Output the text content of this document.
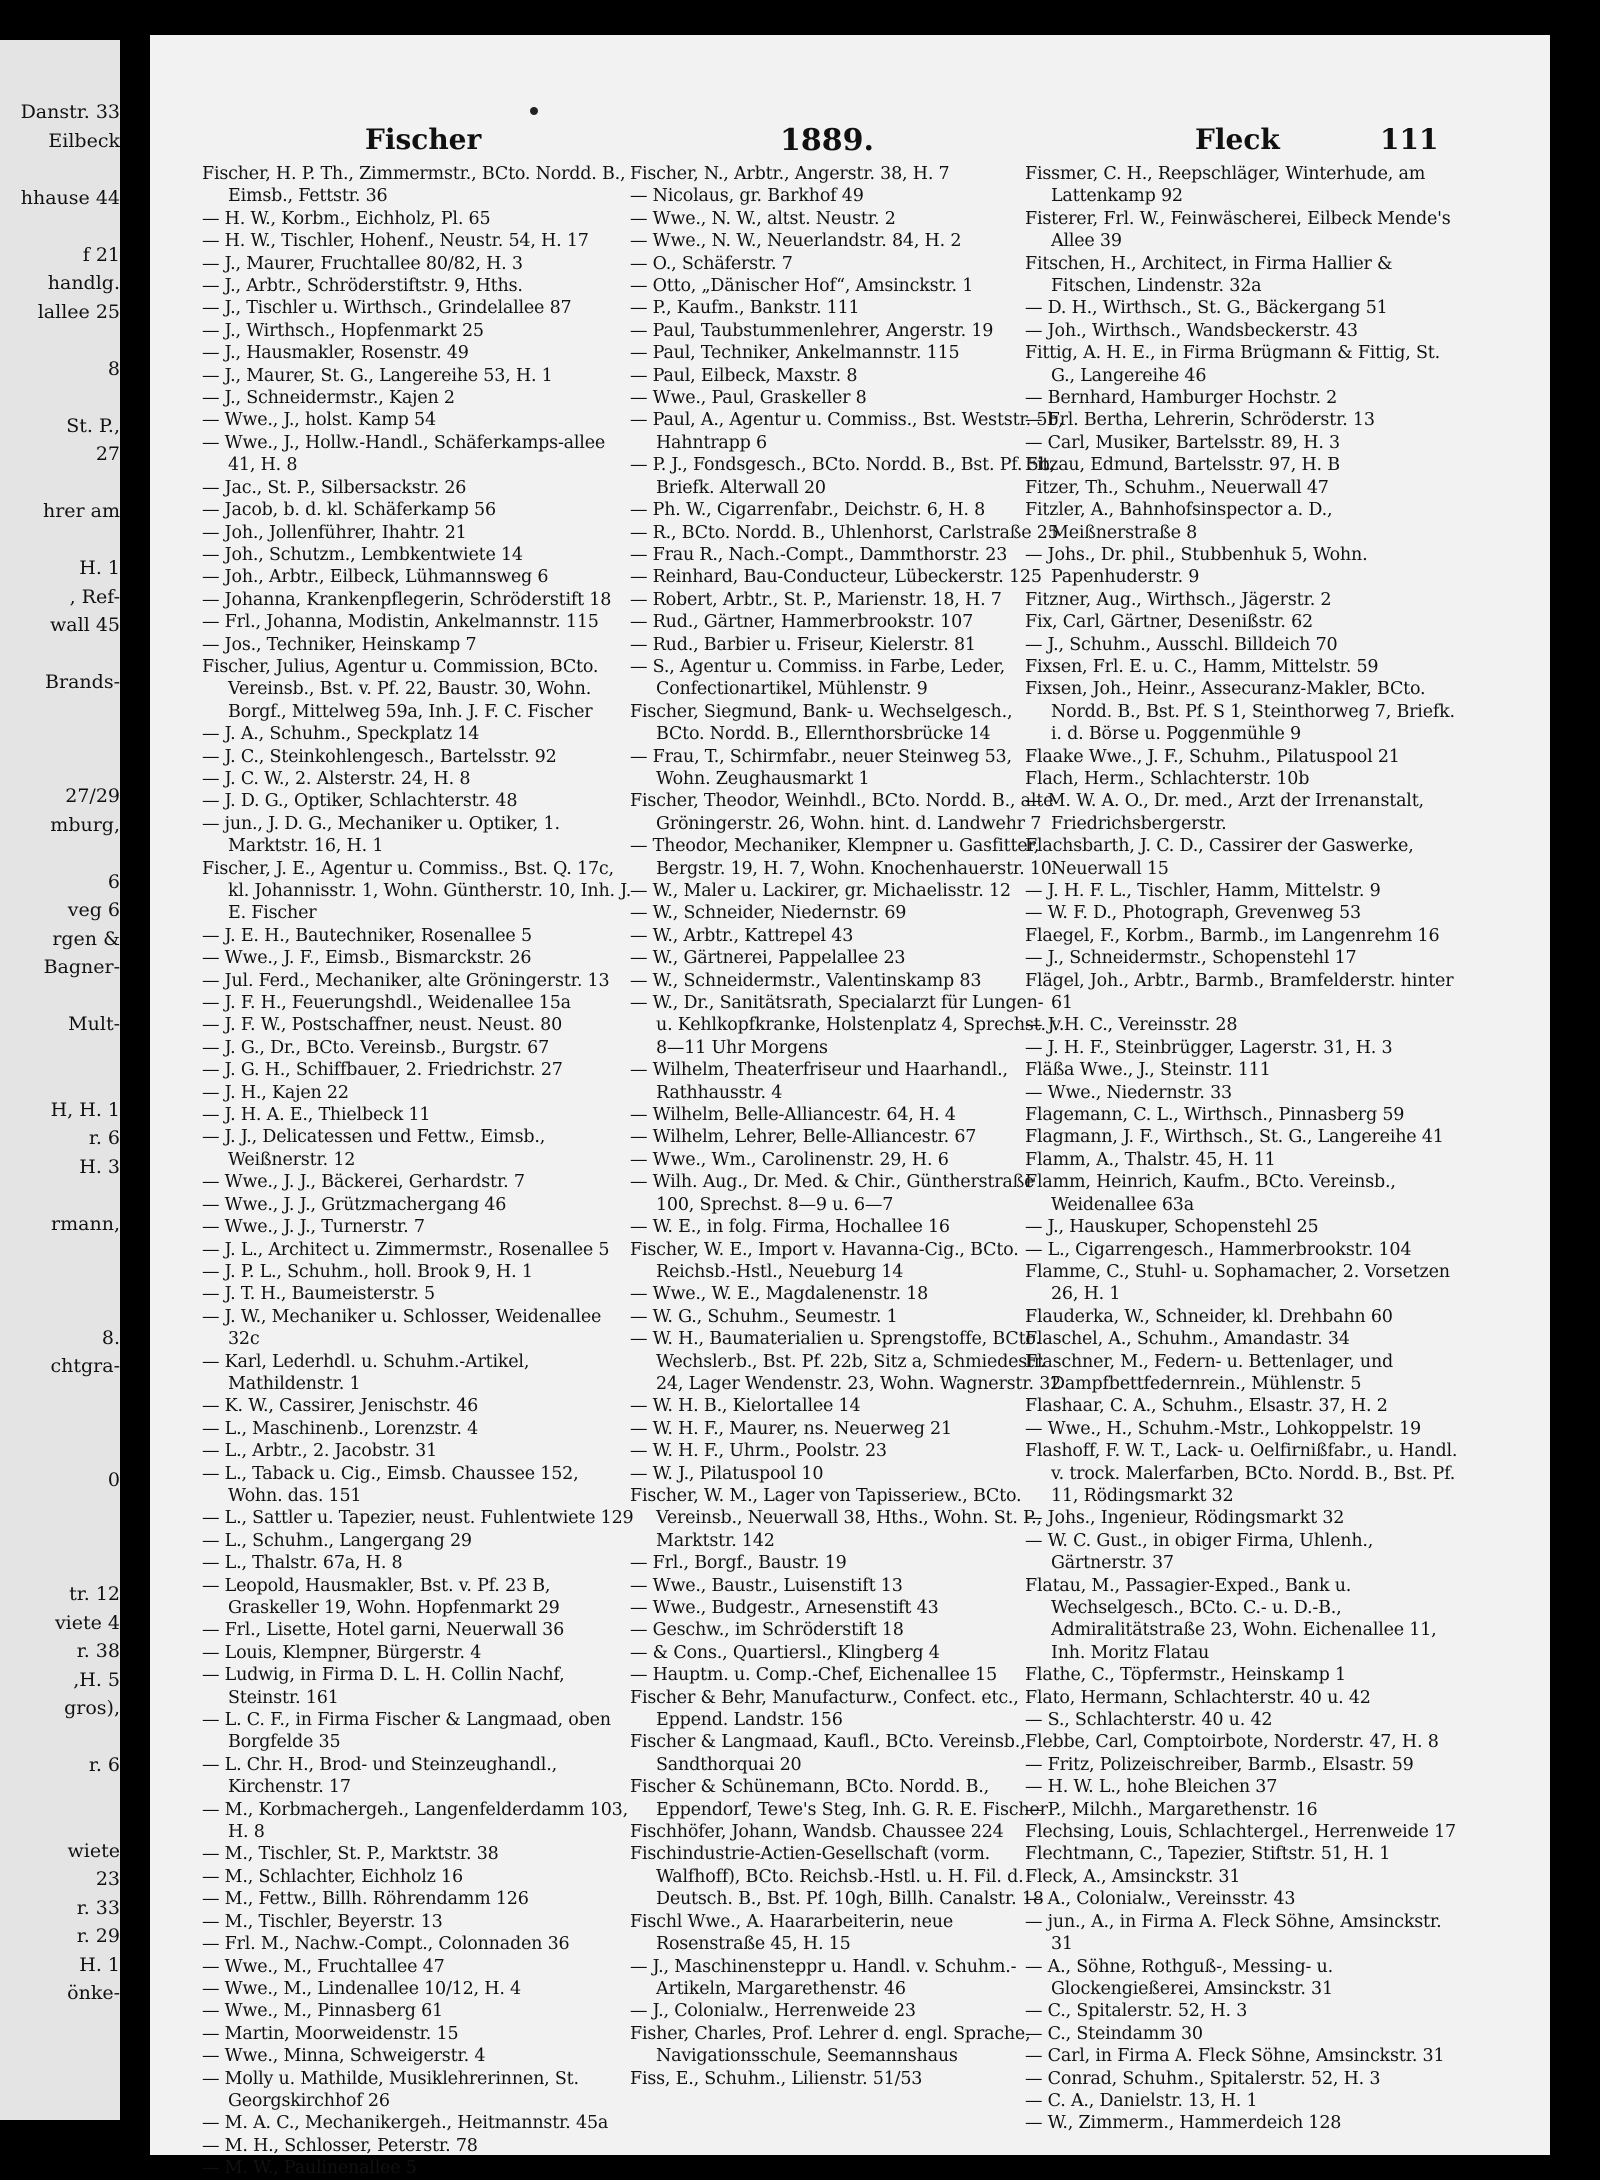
Danstr. 33
Eilbeck
hhause 44
f 21
handlg.
lallee 25
8
St. P.,
27
hrer am
H. 1
, Ref-
wall 45
Brands-
27/29
mburg,
6
veg 6
rgen &
Bagner-
Mult-
H, H. 1
r. 6
H. 3
rmann,
8.
chtgra-
0
tr. 12
viete 4
r. 38
,H. 5
gros),
r. 6
wiete
23
r. 33
r. 29
H. 1
önke-
Fischer	1889.	Fleck	111

Fischer, H. P. Th., Zimmermstr., BCto. Nordd. B., Eimsb., Fettstr. 36

— H. W., Korbm., Eichholz, Pl. 65

— H. W., Tischler, Hohenf., Neustr. 54, H. 17

— J., Maurer, Fruchtallee 80/82, H. 3

— J., Arbtr., Schröderstiftstr. 9, Hths.

— J., Tischler u. Wirthsch., Grindelallee 87

— J., Wirthsch., Hopfenmarkt 25

— J., Hausmakler, Rosenstr. 49

— J., Maurer, St. G., Langereihe 53, H. 1

— J., Schneidermstr., Kajen 2

— Wwe., J., holst. Kamp 54

— Wwe., J., Hollw.-Handl., Schäferkamps-allee 41, H. 8

— Jac., St. P., Silbersackstr. 26

— Jacob, b. d. kl. Schäferkamp 56

— Joh., Jollenführer, Ihahtr. 21

— Joh., Schutzm., Lembkentwiete 14

— Joh., Arbtr., Eilbeck, Lühmannsweg 6

— Johanna, Krankenpflegerin, Schröderstift 18

— Frl., Johanna, Modistin, Ankelmannstr. 115

— Jos., Techniker, Heinskamp 7

Fischer, Julius, Agentur u. Commission, BCto. Vereinsb., Bst. v. Pf. 22, Baustr. 30, Wohn. Borgf., Mittelweg 59a, Inh. J. F. C. Fischer

— J. A., Schuhm., Speckplatz 14

— J. C., Steinkohlengesch., Bartelsstr. 92

— J. C. W., 2. Alsterstr. 24, H. 8

— J. D. G., Optiker, Schlachterstr. 48

— jun., J. D. G., Mechaniker u. Optiker, 1. Marktstr. 16, H. 1

Fischer, J. E., Agentur u. Commiss., Bst. Q. 17c, kl. Johannisstr. 1, Wohn. Güntherstr. 10, Inh. J. E. Fischer

— J. E. H., Bautechniker, Rosenallee 5

— Wwe., J. F., Eimsb., Bismarckstr. 26

— Jul. Ferd., Mechaniker, alte Gröningerstr. 13

— J. F. H., Feuerungshdl., Weidenallee 15a

— J. F. W., Postschaffner, neust. Neust. 80

— J. G., Dr., BCto. Vereinsb., Burgstr. 67

— J. G. H., Schiffbauer, 2. Friedrichstr. 27

— J. H., Kajen 22

— J. H. A. E., Thielbeck 11

— J. J., Delicatessen und Fettw., Eimsb., Weißnerstr. 12

— Wwe., J. J., Bäckerei, Gerhardstr. 7

— Wwe., J. J., Grützmachergang 46

— Wwe., J. J., Turnerstr. 7

— J. L., Architect u. Zimmermstr., Rosenallee 5

— J. P. L., Schuhm., holl. Brook 9, H. 1

— J. T. H., Baumeisterstr. 5

— J. W., Mechaniker u. Schlosser, Weidenallee 32c

— Karl, Lederhdl. u. Schuhm.-Artikel, Mathildenstr. 1

— K. W., Cassirer, Jenischstr. 46

— L., Maschinenb., Lorenzstr. 4

— L., Arbtr., 2. Jacobstr. 31

— L., Taback u. Cig., Eimsb. Chaussee 152, Wohn. das. 151

— L., Sattler u. Tapezier, neust. Fuhlentwiete 129

— L., Schuhm., Langergang 29

— L., Thalstr. 67a, H. 8

— Leopold, Hausmakler, Bst. v. Pf. 23 B, Graskeller 19, Wohn. Hopfenmarkt 29

— Frl., Lisette, Hotel garni, Neuerwall 36

— Louis, Klempner, Bürgerstr. 4

— Ludwig, in Firma D. L. H. Collin Nachf, Steinstr. 161

— L. C. F., in Firma Fischer & Langmaad, oben Borgfelde 35

— L. Chr. H., Brod- und Steinzeughandl., Kirchenstr. 17

— M., Korbmachergeh., Langenfelderdamm 103, H. 8

— M., Tischler, St. P., Marktstr. 38

— M., Schlachter, Eichholz 16

— M., Fettw., Billh. Röhrendamm 126

— M., Tischler, Beyerstr. 13

— Frl. M., Nachw.-Compt., Colonnaden 36

— Wwe., M., Fruchtallee 47

— Wwe., M., Lindenallee 10/12, H. 4

— Wwe., M., Pinnasberg 61

— Martin, Moorweidenstr. 15

— Wwe., Minna, Schweigerstr. 4

— Molly u. Mathilde, Musiklehrerinnen, St. Georgskirchhof 26

— M. A. C., Mechanikergeh., Heitmannstr. 45a

— M. H., Schlosser, Peterstr. 78

— M. W., Paulinenallee 5

Fischer, N., Arbtr., Angerstr. 38, H. 7

— Nicolaus, gr. Barkhof 49

— Wwe., N. W., altst. Neustr. 2

— Wwe., N. W., Neuerlandstr. 84, H. 2

— O., Schäferstr. 7

— Otto, „Dänischer Hof“, Amsinckstr. 1

— P., Kaufm., Bankstr. 111

— Paul, Taubstummenlehrer, Angerstr. 19

— Paul, Techniker, Ankelmannstr. 115

— Paul, Eilbeck, Maxstr. 8

— Wwe., Paul, Graskeller 8

— Paul, A., Agentur u. Commiss., Bst. Weststr. 5b, Hahntrapp 6

— P. J., Fondsgesch., BCto. Nordd. B., Bst. Pf. 5b, Briefk. Alterwall 20

— Ph. W., Cigarrenfabr., Deichstr. 6, H. 8

— R., BCto. Nordd. B., Uhlenhorst, Carlstraße 25

— Frau R., Nach.-Compt., Dammthorstr. 23

— Reinhard, Bau-Conducteur, Lübeckerstr. 125

— Robert, Arbtr., St. P., Marienstr. 18, H. 7

— Rud., Gärtner, Hammerbrookstr. 107

— Rud., Barbier u. Friseur, Kielerstr. 81

— S., Agentur u. Commiss. in Farbe, Leder, Confectionartikel, Mühlenstr. 9

Fischer, Siegmund, Bank- u. Wechselgesch., BCto. Nordd. B., Ellernthorsbrücke 14

— Frau, T., Schirmfabr., neuer Steinweg 53, Wohn. Zeughausmarkt 1

Fischer, Theodor, Weinhdl., BCto. Nordd. B., alte Gröningerstr. 26, Wohn. hint. d. Landwehr 7

— Theodor, Mechaniker, Klempner u. Gasfitter, Bergstr. 19, H. 7, Wohn. Knochenhauerstr. 10

— W., Maler u. Lackirer, gr. Michaelisstr. 12

— W., Schneider, Niedernstr. 69

— W., Arbtr., Kattrepel 43

— W., Gärtnerei, Pappelallee 23

— W., Schneidermstr., Valentinskamp 83

— W., Dr., Sanitätsrath, Specialarzt für Lungen- u. Kehlkopfkranke, Holstenplatz 4, Sprechst. v. 8—11 Uhr Morgens

— Wilhelm, Theaterfriseur und Haarhandl., Rathhausstr. 4

— Wilhelm, Belle-Alliancestr. 64, H. 4

— Wilhelm, Lehrer, Belle-Alliancestr. 67

— Wwe., Wm., Carolinenstr. 29, H. 6

— Wilh. Aug., Dr. Med. & Chir., Güntherstraße 100, Sprechst. 8—9 u. 6—7

— W. E., in folg. Firma, Hochallee 16

Fischer, W. E., Import v. Havanna-Cig., BCto. Reichsb.-Hstl., Neueburg 14

— Wwe., W. E., Magdalenenstr. 18

— W. G., Schuhm., Seumestr. 1

— W. H., Baumaterialien u. Sprengstoffe, BCto. Wechslerb., Bst. Pf. 22b, Sitz a, Schmiedestr. 24, Lager Wendenstr. 23, Wohn. Wagnerstr. 32

— W. H. B., Kielortallee 14

— W. H. F., Maurer, ns. Neuerweg 21

— W. H. F., Uhrm., Poolstr. 23

— W. J., Pilatuspool 10

Fischer, W. M., Lager von Tapisseriew., BCto. Vereinsb., Neuerwall 38, Hths., Wohn. St. P., Marktstr. 142

— Frl., Borgf., Baustr. 19

— Wwe., Baustr., Luisenstift 13

— Wwe., Budgestr., Arnesenstift 43

— Geschw., im Schröderstift 18

— & Cons., Quartiersl., Klingberg 4

— Hauptm. u. Comp.-Chef, Eichenallee 15

Fischer & Behr, Manufacturw., Confect. etc., Eppend. Landstr. 156

Fischer & Langmaad, Kaufl., BCto. Vereinsb., Sandthorquai 20

Fischer & Schünemann, BCto. Nordd. B., Eppendorf, Tewe's Steg, Inh. G. R. E. Fischer

Fischhöfer, Johann, Wandsb. Chaussee 224

Fischindustrie-Actien-Gesellschaft (vorm. Walfhoff), BCto. Reichsb.-Hstl. u. H. Fil. d. Deutsch. B., Bst. Pf. 10gh, Billh. Canalstr. 18

Fischl Wwe., A. Haararbeiterin, neue Rosenstraße 45, H. 15

— J., Maschinensteppr u. Handl. v. Schuhm.-Artikeln, Margarethenstr. 46

— J., Colonialw., Herrenweide 23

Fisher, Charles, Prof. Lehrer d. engl. Sprache, Navigationsschule, Seemannshaus

Fiss, E., Schuhm., Lilienstr. 51/53

Fissmer, C. H., Reepschläger, Winterhude, am Lattenkamp 92

Fisterer, Frl. W., Feinwäscherei, Eilbeck Mende's Allee 39

Fitschen, H., Architect, in Firma Hallier & Fitschen, Lindenstr. 32a

— D. H., Wirthsch., St. G., Bäckergang 51

— Joh., Wirthsch., Wandsbeckerstr. 43

Fittig, A. H. E., in Firma Brügmann & Fittig, St. G., Langereihe 46

— Bernhard, Hamburger Hochstr. 2

— Frl. Bertha, Lehrerin, Schröderstr. 13

— Carl, Musiker, Bartelsstr. 89, H. 3

Fitzau, Edmund, Bartelsstr. 97, H. B

Fitzer, Th., Schuhm., Neuerwall 47

Fitzler, A., Bahnhofsinspector a. D., Meißnerstraße 8

— Johs., Dr. phil., Stubbenhuk 5, Wohn. Papenhuderstr. 9

Fitzner, Aug., Wirthsch., Jägerstr. 2

Fix, Carl, Gärtner, Desenißstr. 62

— J., Schuhm., Ausschl. Billdeich 70

Fixsen, Frl. E. u. C., Hamm, Mittelstr. 59

Fixsen, Joh., Heinr., Assecuranz-Makler, BCto. Nordd. B., Bst. Pf. S 1, Steinthorweg 7, Briefk. i. d. Börse u. Poggenmühle 9

Flaake Wwe., J. F., Schuhm., Pilatuspool 21

Flach, Herm., Schlachterstr. 10b

— M. W. A. O., Dr. med., Arzt der Irrenanstalt, Friedrichsbergerstr.

Flachsbarth, J. C. D., Cassirer der Gaswerke, Neuerwall 15

— J. H. F. L., Tischler, Hamm, Mittelstr. 9

— W. F. D., Photograph, Grevenweg 53

Flaegel, F., Korbm., Barmb., im Langenrehm 16

— J., Schneidermstr., Schopenstehl 17

Flägel, Joh., Arbtr., Barmb., Bramfelderstr. hinter 61

— J. H. C., Vereinsstr. 28

— J. H. F., Steinbrügger, Lagerstr. 31, H. 3

Fläßa Wwe., J., Steinstr. 111

— Wwe., Niedernstr. 33

Flagemann, C. L., Wirthsch., Pinnasberg 59

Flagmann, J. F., Wirthsch., St. G., Langereihe 41

Flamm, A., Thalstr. 45, H. 11

Flamm, Heinrich, Kaufm., BCto. Vereinsb., Weidenallee 63a

— J., Hauskuper, Schopenstehl 25

— L., Cigarrengesch., Hammerbrookstr. 104

Flamme, C., Stuhl- u. Sophamacher, 2. Vorsetzen 26, H. 1

Flauderka, W., Schneider, kl. Drehbahn 60

Flaschel, A., Schuhm., Amandastr. 34

Flaschner, M., Federn- u. Bettenlager, und Dampfbettfedernrein., Mühlenstr. 5

Flashaar, C. A., Schuhm., Elsastr. 37, H. 2

— Wwe., H., Schuhm.-Mstr., Lohkoppelstr. 19

Flashoff, F. W. T., Lack- u. Oelfirnißfabr., u. Handl. v. trock. Malerfarben, BCto. Nordd. B., Bst. Pf. 11, Rödingsmarkt 32

— Johs., Ingenieur, Rödingsmarkt 32

— W. C. Gust., in obiger Firma, Uhlenh., Gärtnerstr. 37

Flatau, M., Passagier-Exped., Bank u. Wechselgesch., BCto. C.- u. D.-B., Admiralitätstraße 23, Wohn. Eichenallee 11, Inh. Moritz Flatau

Flathe, C., Töpfermstr., Heinskamp 1

Flato, Hermann, Schlachterstr. 40 u. 42

— S., Schlachterstr. 40 u. 42

Flebbe, Carl, Comptoirbote, Norderstr. 47, H. 8

— Fritz, Polizeischreiber, Barmb., Elsastr. 59

— H. W. L., hohe Bleichen 37

— P., Milchh., Margarethenstr. 16

Flechsing, Louis, Schlachtergel., Herrenweide 17

Flechtmann, C., Tapezier, Stiftstr. 51, H. 1

Fleck, A., Amsinckstr. 31

— A., Colonialw., Vereinsstr. 43

— jun., A., in Firma A. Fleck Söhne, Amsinckstr. 31

— A., Söhne, Rothguß-, Messing- u. Glockengießerei, Amsinckstr. 31

— C., Spitalerstr. 52, H. 3

— C., Steindamm 30

— Carl, in Firma A. Fleck Söhne, Amsinckstr. 31

— Conrad, Schuhm., Spitalerstr. 52, H. 3

— C. A., Danielstr. 13, H. 1

— W., Zimmerm., Hammerdeich 128
